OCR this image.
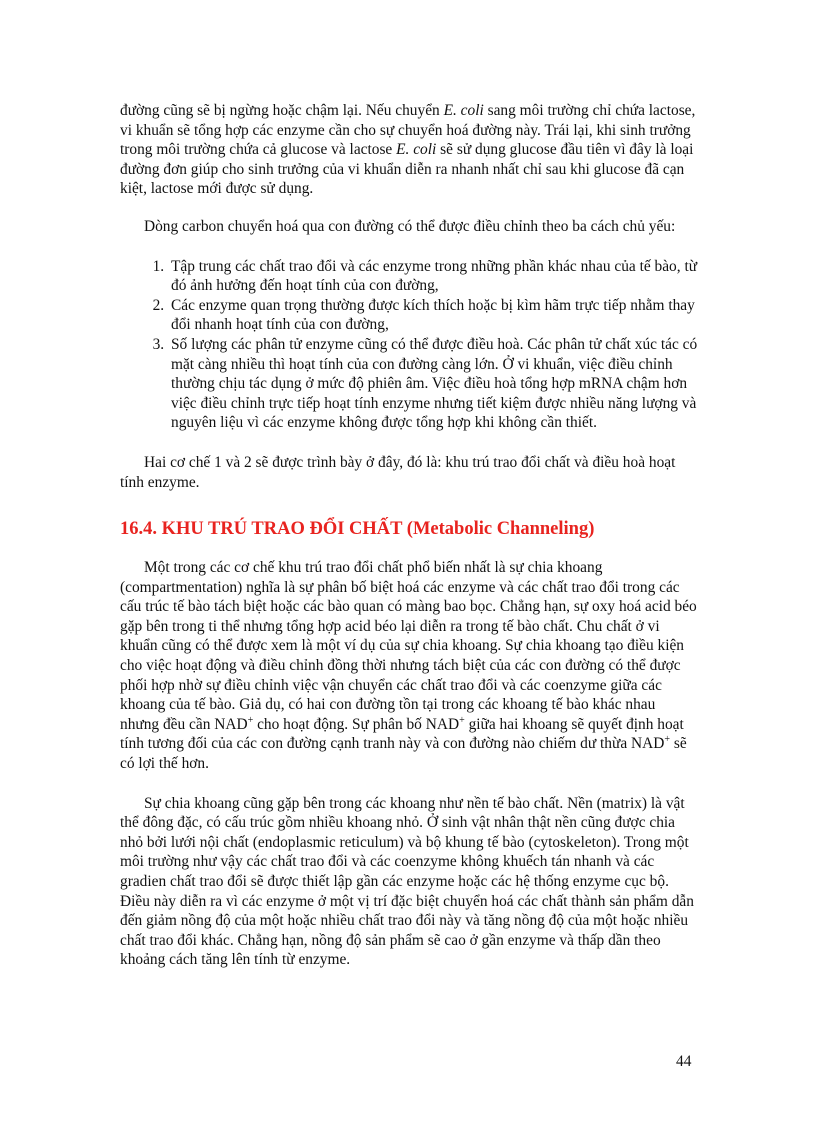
đường cũng sẽ bị ngừng hoặc chậm lại. Nếu chuyển E. coli sang môi trường chỉ chứa lactose, vi khuẩn sẽ tổng hợp các enzyme cần cho sự chuyển hoá đường này. Trái lại, khi sinh trưởng trong môi trường chứa cả glucose và lactose E. coli sẽ sử dụng glucose đầu tiên vì đây là loại đường đơn giúp cho sinh trưởng của vi khuẩn diễn ra nhanh nhất chỉ sau khi glucose đã cạn kiệt, lactose mới được sử dụng.

Dòng carbon chuyển hoá qua con đường có thể được điều chỉnh theo ba cách chủ yếu:

1. Tập trung các chất trao đổi và các enzyme trong những phần khác nhau của tế bào, từ đó ảnh hưởng đến hoạt tính của con đường,
2. Các enzyme quan trọng thường được kích thích hoặc bị kìm hãm trực tiếp nhằm thay đổi nhanh hoạt tính của con đường,
3. Số lượng các phân tử enzyme cũng có thể được điều hoà. Các phân tử chất xúc tác có mặt càng nhiều thì hoạt tính của con đường càng lớn. Ở vi khuẩn, việc điều chỉnh thường chịu tác dụng ở mức độ phiên âm. Việc điều hoà tổng hợp mRNA chậm hơn việc điều chỉnh trực tiếp hoạt tính enzyme nhưng tiết kiệm được nhiều năng lượng và nguyên liệu vì các enzyme không được tổng hợp khi không cần thiết.

Hai cơ chế 1 và 2 sẽ được trình bày ở đây, đó là: khu trú trao đổi chất và điều hoà hoạt tính enzyme.

16.4. KHU TRÚ TRAO ĐỔI CHẤT (Metabolic Channeling)

Một trong các cơ chế khu trú trao đổi chất phổ biến nhất là sự chia khoang (compartmentation) nghĩa là sự phân bố biệt hoá các enzyme và các chất trao đổi trong các cấu trúc tế bào tách biệt hoặc các bào quan có màng bao bọc. Chẳng hạn, sự oxy hoá acid béo gặp bên trong ti thể nhưng tổng hợp acid béo lại diễn ra trong tế bào chất. Chu chất ở vi khuẩn cũng có thể được xem là một ví dụ của sự chia khoang. Sự chia khoang tạo điều kiện cho việc hoạt động và điều chỉnh đồng thời nhưng tách biệt của các con đường có thể được phối hợp nhờ sự điều chỉnh việc vận chuyển các chất trao đổi và các coenzyme giữa các khoang của tế bào. Giả dụ, có hai con đường tồn tại trong các khoang tế bào khác nhau nhưng đều cần NAD+ cho hoạt động. Sự phân bố NAD+ giữa hai khoang sẽ quyết định hoạt tính tương đối của các con đường cạnh tranh này và con đường nào chiếm dư thừa NAD+ sẽ có lợi thế hơn.

Sự chia khoang cũng gặp bên trong các khoang như nền tế bào chất. Nền (matrix) là vật thể đông đặc, có cấu trúc gồm nhiều khoang nhỏ. Ở sinh vật nhân thật nền cũng được chia nhỏ bởi lưới nội chất (endoplasmic reticulum) và bộ khung tế bào (cytoskeleton). Trong một môi trường như vậy các chất trao đổi và các coenzyme không khuếch tán nhanh và các gradien chất trao đổi sẽ được thiết lập gần các enzyme hoặc các hệ thống enzyme cục bộ. Điều này diễn ra vì các enzyme ở một vị trí đặc biệt chuyển hoá các chất thành sản phẩm dẫn đến giảm nồng độ của một hoặc nhiều chất trao đổi này và tăng nồng độ của một hoặc nhiều chất trao đổi khác. Chẳng hạn, nồng độ sản phẩm sẽ cao ở gần enzyme và thấp dần theo khoảng cách tăng lên tính từ enzyme.

44
